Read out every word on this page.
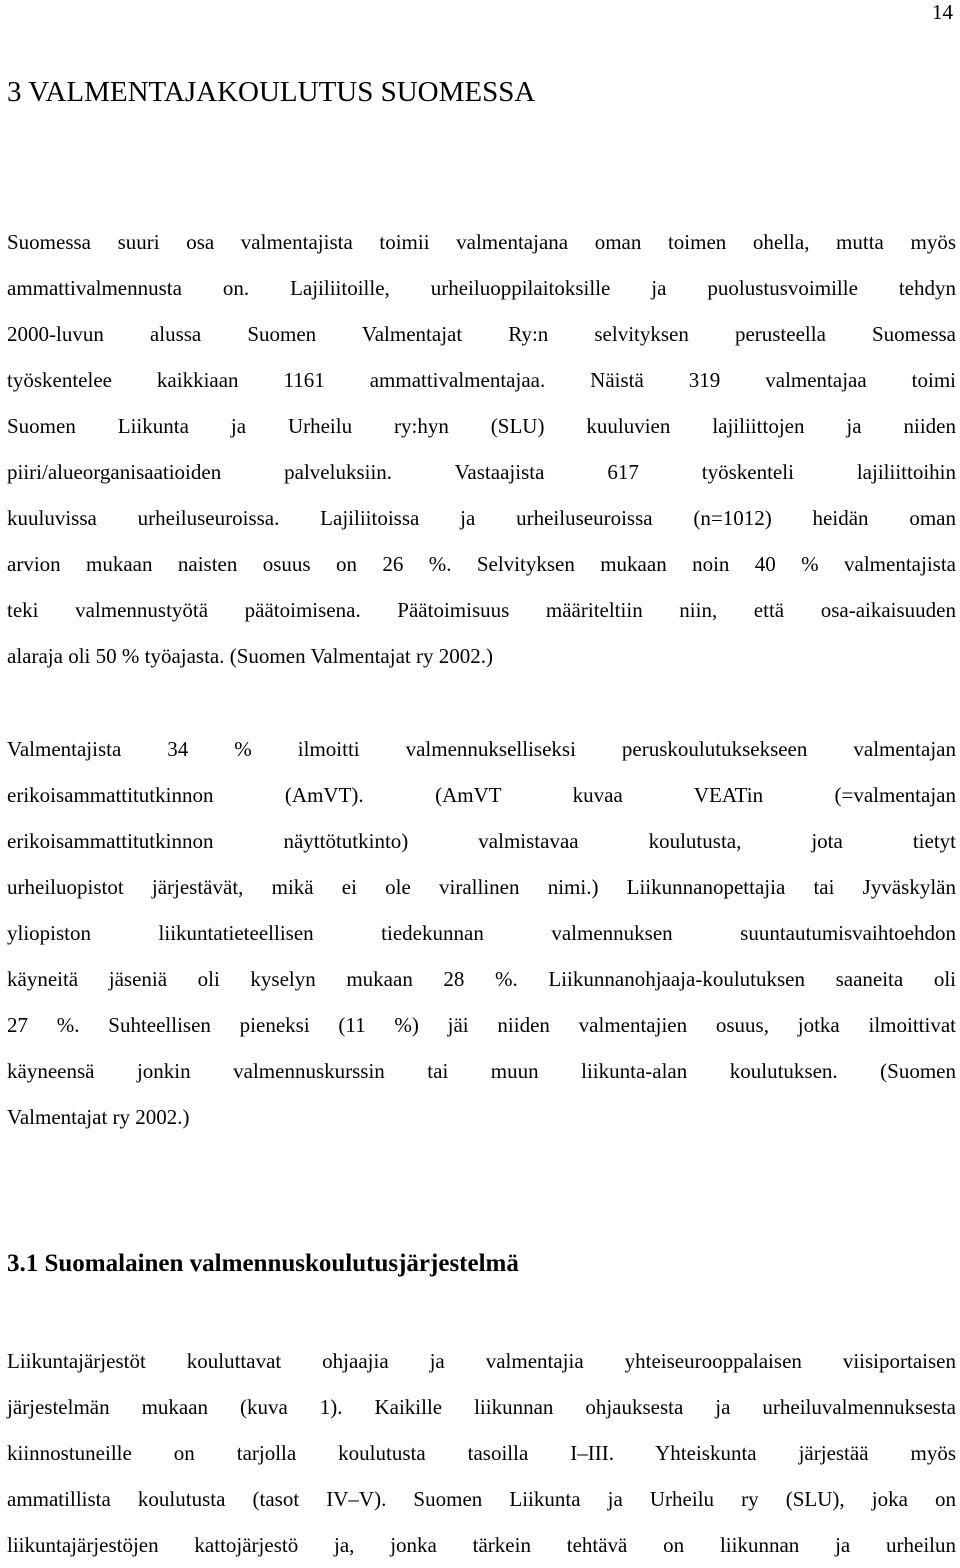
14
3 VALMENTAJAKOULUTUS SUOMESSA
Suomessa suuri osa valmentajista toimii valmentajana oman toimen ohella, mutta myös
ammattivalmennusta on. Lajiliitoille, urheiluoppilaitoksille ja puolustusvoimille tehdyn
2000-luvun alussa Suomen Valmentajat Ry:n selvityksen perusteella Suomessa
työskentelee kaikkiaan 1161 ammattivalmentajaa. Näistä 319 valmentajaa toimi
Suomen Liikunta ja Urheilu ry:hyn (SLU) kuuluvien lajiliittojen ja niiden
piiri/alueorganisaatioiden palveluksiin. Vastaajista 617 työskenteli lajiliittoihin
kuuluvissa urheiluseuroissa. Lajiliitoissa ja urheiluseuroissa (n=1012) heidän oman
arvion mukaan naisten osuus on 26 %. Selvityksen mukaan noin 40 % valmentajista
teki valmennustyötä päätoimisena. Päätoimisuus määriteltiin niin, että osa-aikaisuuden
alaraja oli 50 % työajasta. (Suomen Valmentajat ry 2002.)
Valmentajista 34 % ilmoitti valmennukselliseksi peruskoulutuksekseen valmentajan
erikoisammattitutkinnon (AmVT). (AmVT kuvaa VEATin (=valmentajan
erikoisammattitutkinnon näyttötutkinto) valmistavaa koulutusta, jota tietyt
urheiluopistot järjestävät, mikä ei ole virallinen nimi.) Liikunnanopettajia tai Jyväskylän
yliopiston liikuntatieteellisen tiedekunnan valmennuksen suuntautumisvaihtoehdon
käyneitä jäseniä oli kyselyn mukaan 28 %. Liikunnanohjaaja-koulutuksen saaneita oli
27 %. Suhteellisen pieneksi (11 %) jäi niiden valmentajien osuus, jotka ilmoittivat
käyneensä jonkin valmennuskurssin tai muun liikunta-alan koulutuksen. (Suomen
Valmentajat ry 2002.)
3.1 Suomalainen valmennuskoulutusjärjestelmä
Liikuntajärjestöt kouluttavat ohjaajia ja valmentajia yhteiseurooppalaisen viisiportaisen
järjestelmän mukaan (kuva 1). Kaikille liikunnan ohjauksesta ja urheiluvalmennuksesta
kiinnostuneille on tarjolla koulutusta tasoilla I–III. Yhteiskunta järjestää myös
ammatillista koulutusta (tasot IV–V). Suomen Liikunta ja Urheilu ry (SLU), joka on
liikuntajärjestöjen kattojärjestö ja, jonka tärkein tehtävä on liikunnan ja urheilun
